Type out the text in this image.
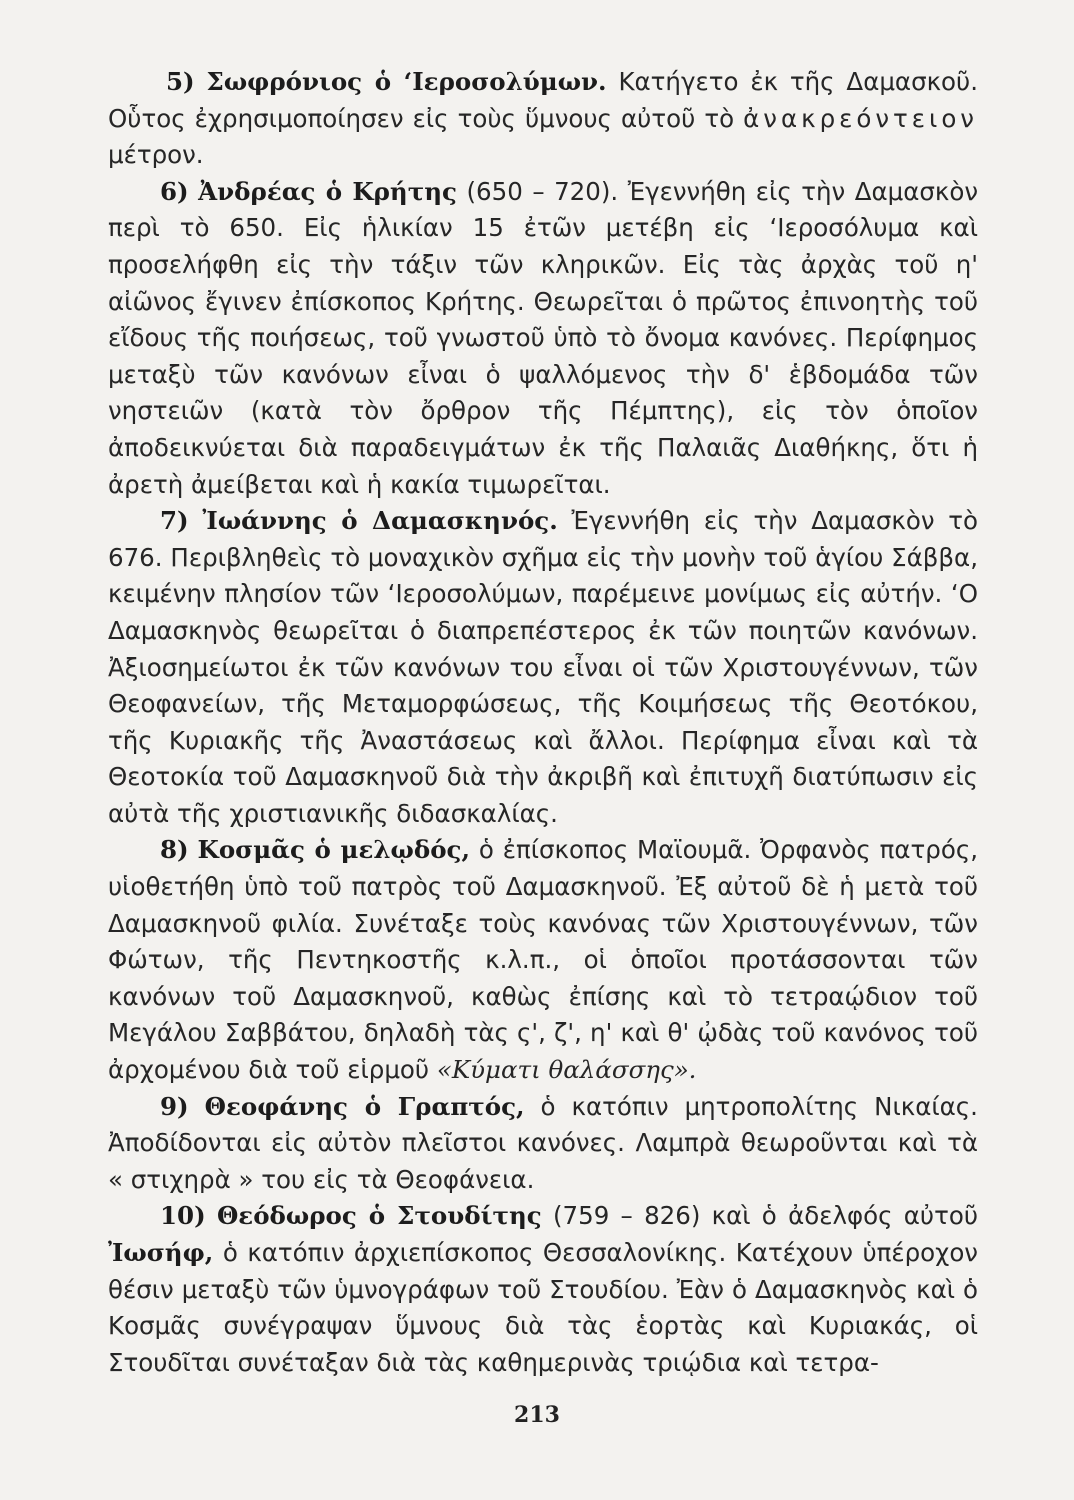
5) Σωφρόνιος ὁ ‘Ιεροσολύμων. Κατήγετο ἐκ τῆς Δαμασκοῦ. Οὗτος ἐχρησιμοποίησεν εἰς τοὺς ὕμνους αὐτοῦ τὸ ἀνακρεόντειον μέτρον.

6) Ἀνδρέας ὁ Κρήτης (650 – 720). Ἐγεννήθη εἰς τὴν Δαμασκὸν περὶ τὸ 650. Εἰς ἡλικίαν 15 ἐτῶν μετέβη εἰς ‘Ιεροσόλυμα καὶ προσελήφθη εἰς τὴν τάξιν τῶν κληρικῶν. Εἰς τὰς ἀρχὰς τοῦ η' αἰῶνος ἔγινεν ἐπίσκοπος Κρήτης. Θεωρεῖται ὁ πρῶτος ἐπινοητὴς τοῦ εἴδους τῆς ποιήσεως, τοῦ γνωστοῦ ὑπὸ τὸ ὄνομα κανόνες. Περίφημος μεταξὺ τῶν κανόνων εἶναι ὁ ψαλλόμενος τὴν δ' ἑβδομάδα τῶν νηστειῶν (κατὰ τὸν ὄρθρον τῆς Πέμπτης), εἰς τὸν ὁποῖον ἀποδεικνύεται διὰ παραδειγμάτων ἐκ τῆς Παλαιᾶς Διαθήκης, ὅτι ἡ ἀρετὴ ἀμείβεται καὶ ἡ κακία τιμωρεῖται.

7) Ἰωάννης ὁ Δαμασκηνός. Ἐγεννήθη εἰς τὴν Δαμασκὸν τὸ 676. Περιβληθεὶς τὸ μοναχικὸν σχῆμα εἰς τὴν μονὴν τοῦ ἁγίου Σάββα, κειμένην πλησίον τῶν ‘Ιεροσολύμων, παρέμεινε μονίμως εἰς αὐτήν. ‘Ο Δαμασκηνὸς θεωρεῖται ὁ διαπρεπέστερος ἐκ τῶν ποιητῶν κανόνων. Ἀξιοσημείωτοι ἐκ τῶν κανόνων του εἶναι οἱ τῶν Χριστουγέννων, τῶν Θεοφανείων, τῆς Μεταμορφώσεως, τῆς Κοιμήσεως τῆς Θεοτόκου, τῆς Κυριακῆς τῆς Ἀναστάσεως καὶ ἄλλοι. Περίφημα εἶναι καὶ τὰ Θεοτοκία τοῦ Δαμασκηνοῦ διὰ τὴν ἀκριβῆ καὶ ἐπιτυχῆ διατύπωσιν εἰς αὐτὰ τῆς χριστιανικῆς διδασκαλίας.

8) Κοσμᾶς ὁ μελῳδός, ὁ ἐπίσκοπος Μαϊουμᾶ. Ὀρφανὸς πατρός, υἱοθετήθη ὑπὸ τοῦ πατρὸς τοῦ Δαμασκηνοῦ. Ἐξ αὐτοῦ δὲ ἡ μετὰ τοῦ Δαμασκηνοῦ φιλία. Συνέταξε τοὺς κανόνας τῶν Χριστουγέννων, τῶν Φώτων, τῆς Πεντηκοστῆς κ.λ.π., οἱ ὁποῖοι προτάσσονται τῶν κανόνων τοῦ Δαμασκηνοῦ, καθὼς ἐπίσης καὶ τὸ τετραῴδιον τοῦ Μεγάλου Σαββάτου, δηλαδὴ τὰς ς', ζ', η' καὶ θ' ᾠδὰς τοῦ κανόνος τοῦ ἀρχομένου διὰ τοῦ εἱρμοῦ «Κύματι θαλάσσης».

9) Θεοφάνης ὁ Γραπτός, ὁ κατόπιν μητροπολίτης Νικαίας. Ἀποδίδονται εἰς αὐτὸν πλεῖστοι κανόνες. Λαμπρὰ θεωροῦνται καὶ τὰ « στιχηρὰ » του εἰς τὰ Θεοφάνεια.

10) Θεόδωρος ὁ Στουδίτης (759 – 826) καὶ ὁ ἀδελφός αὐτοῦ Ἰωσήφ, ὁ κατόπιν ἀρχιεπίσκοπος Θεσσαλονίκης. Κατέχουν ὑπέροχον θέσιν μεταξὺ τῶν ὑμνογράφων τοῦ Στουδίου. Ἐὰν ὁ Δαμασκηνὸς καὶ ὁ Κοσμᾶς συνέγραψαν ὕμνους διὰ τὰς ἑορτὰς καὶ Κυριακάς, οἱ Στουδῖται συνέταξαν διὰ τὰς καθημερινὰς τριῴδια καὶ τετρα-

213
